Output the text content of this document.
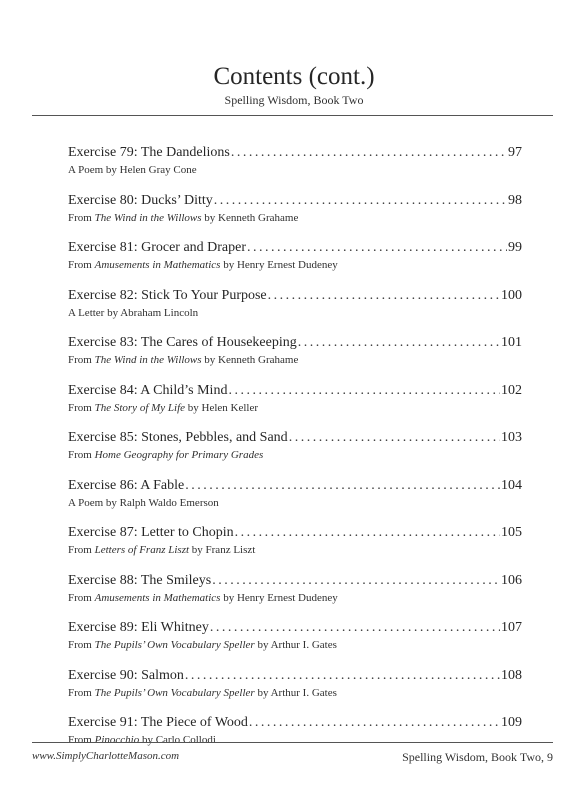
Contents (cont.)
Spelling Wisdom, Book Two
Exercise 79: The Dandelions . . .	97
A Poem by Helen Gray Cone
Exercise 80: Ducks’ Ditty . . .	98
From The Wind in the Willows by Kenneth Grahame
Exercise 81: Grocer and Draper . . .	99
From Amusements in Mathematics by Henry Ernest Dudeney
Exercise 82: Stick To Your Purpose . . .	100
A Letter by Abraham Lincoln
Exercise 83: The Cares of Housekeeping . . .	101
From The Wind in the Willows by Kenneth Grahame
Exercise 84: A Child’s Mind . . .	102
From The Story of My Life by Helen Keller
Exercise 85: Stones, Pebbles, and Sand . . .	103
From Home Geography for Primary Grades
Exercise 86: A Fable . . .	104
A Poem by Ralph Waldo Emerson
Exercise 87: Letter to Chopin . . .	105
From Letters of Franz Liszt by Franz Liszt
Exercise 88: The Smileys . . .	106
From Amusements in Mathematics by Henry Ernest Dudeney
Exercise 89: Eli Whitney . . .	107
From The Pupils’ Own Vocabulary Speller by Arthur I. Gates
Exercise 90: Salmon . . .	108
From The Pupils’ Own Vocabulary Speller by Arthur I. Gates
Exercise 91: The Piece of Wood . . .	109
From Pinocchio by Carlo Collodi
www.SimplyCharlotteMason.com	Spelling Wisdom, Book Two, 9
